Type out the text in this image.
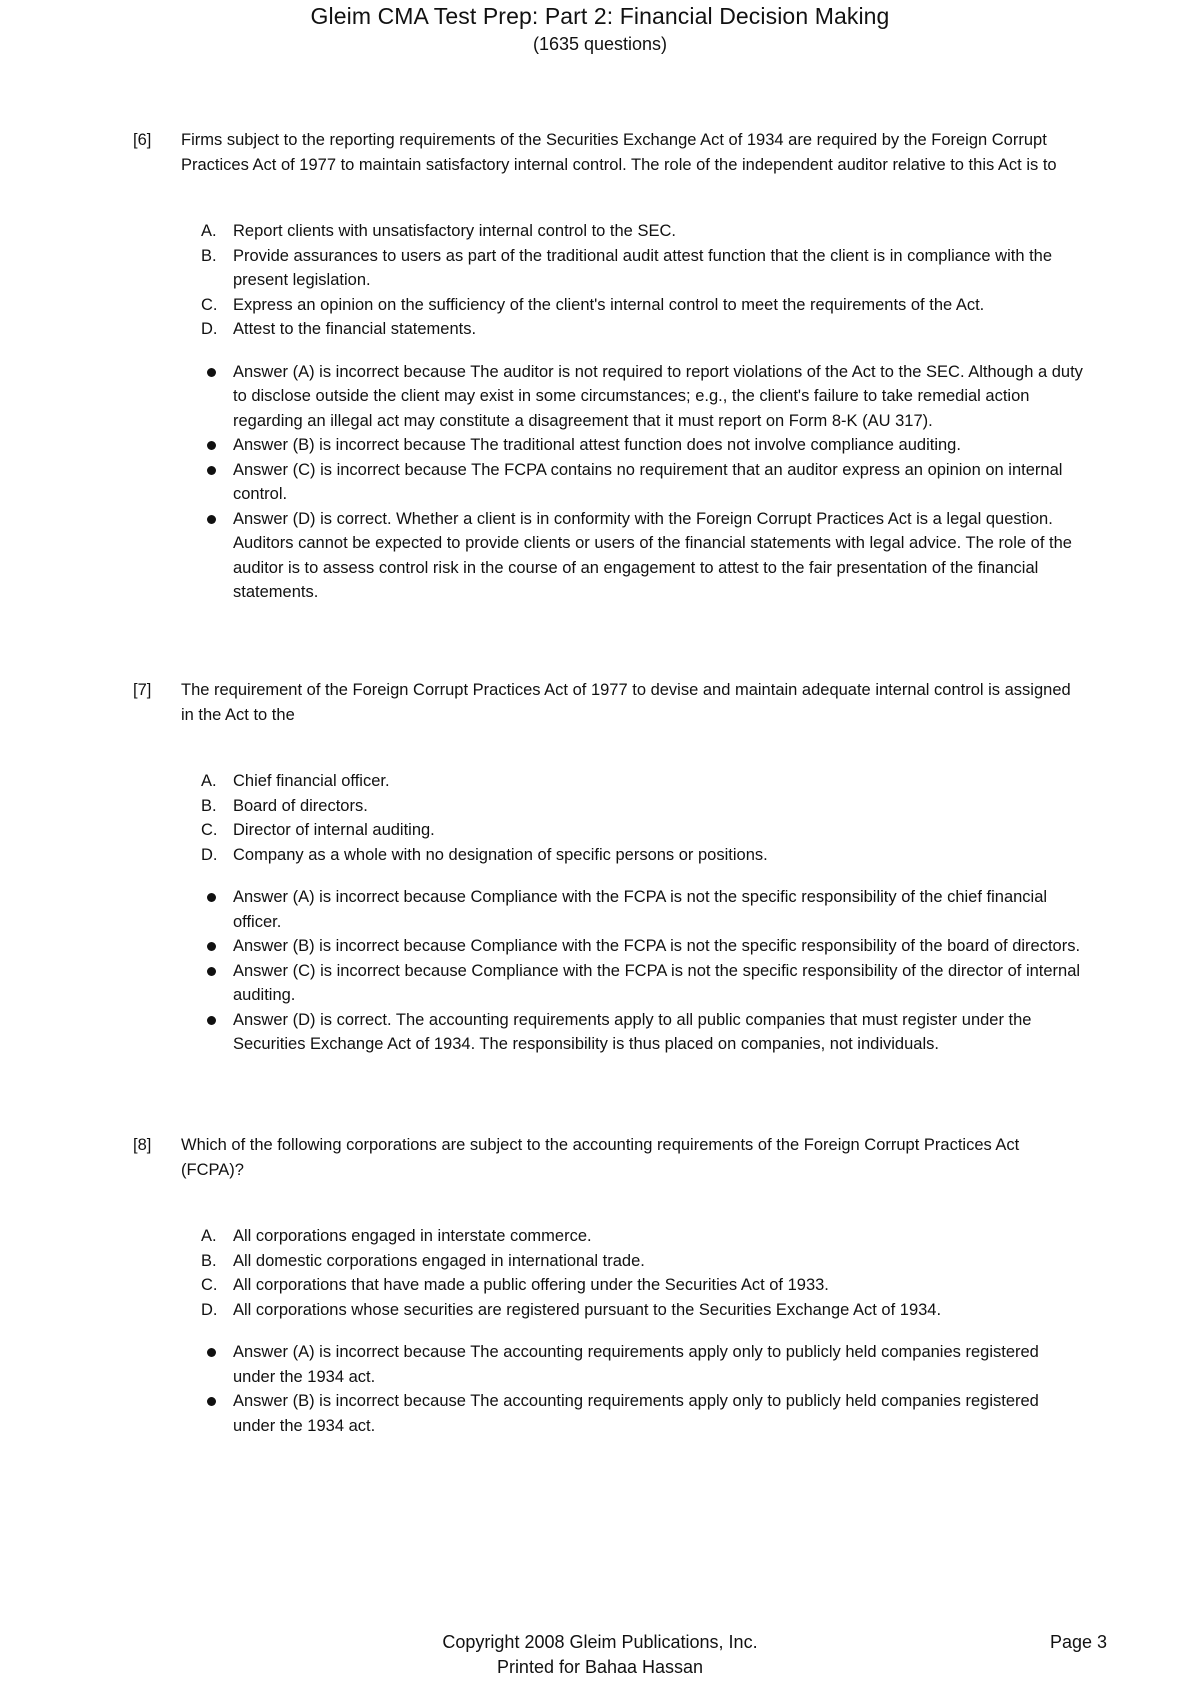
Gleim CMA Test Prep: Part 2: Financial Decision Making
(1635 questions)
[6] Firms subject to the reporting requirements of the Securities Exchange Act of 1934 are required by the Foreign Corrupt Practices Act of 1977 to maintain satisfactory internal control. The role of the independent auditor relative to this Act is to

A. Report clients with unsatisfactory internal control to the SEC.
B. Provide assurances to users as part of the traditional audit attest function that the client is in compliance with the present legislation.
C. Express an opinion on the sufficiency of the client's internal control to meet the requirements of the Act.
D. Attest to the financial statements.
Answer (A) is incorrect because The auditor is not required to report violations of the Act to the SEC. Although a duty to disclose outside the client may exist in some circumstances; e.g., the client's failure to take remedial action regarding an illegal act may constitute a disagreement that it must report on Form 8-K (AU 317).
Answer (B) is incorrect because The traditional attest function does not involve compliance auditing.
Answer (C) is incorrect because The FCPA contains no requirement that an auditor express an opinion on internal control.
Answer (D) is correct. Whether a client is in conformity with the Foreign Corrupt Practices Act is a legal question. Auditors cannot be expected to provide clients or users of the financial statements with legal advice. The role of the auditor is to assess control risk in the course of an engagement to attest to the fair presentation of the financial statements.
[7] The requirement of the Foreign Corrupt Practices Act of 1977 to devise and maintain adequate internal control is assigned in the Act to the

A. Chief financial officer.
B. Board of directors.
C. Director of internal auditing.
D. Company as a whole with no designation of specific persons or positions.
Answer (A) is incorrect because Compliance with the FCPA is not the specific responsibility of the chief financial officer.
Answer (B) is incorrect because Compliance with the FCPA is not the specific responsibility of the board of directors.
Answer (C) is incorrect because Compliance with the FCPA is not the specific responsibility of the director of internal auditing.
Answer (D) is correct. The accounting requirements apply to all public companies that must register under the Securities Exchange Act of 1934. The responsibility is thus placed on companies, not individuals.
[8] Which of the following corporations are subject to the accounting requirements of the Foreign Corrupt Practices Act (FCPA)?

A. All corporations engaged in interstate commerce.
B. All domestic corporations engaged in international trade.
C. All corporations that have made a public offering under the Securities Act of 1933.
D. All corporations whose securities are registered pursuant to the Securities Exchange Act of 1934.
Answer (A) is incorrect because The accounting requirements apply only to publicly held companies registered under the 1934 act.
Answer (B) is incorrect because The accounting requirements apply only to publicly held companies registered under the 1934 act.
Copyright 2008 Gleim Publications, Inc.
Printed for Bahaa Hassan
Page 3
